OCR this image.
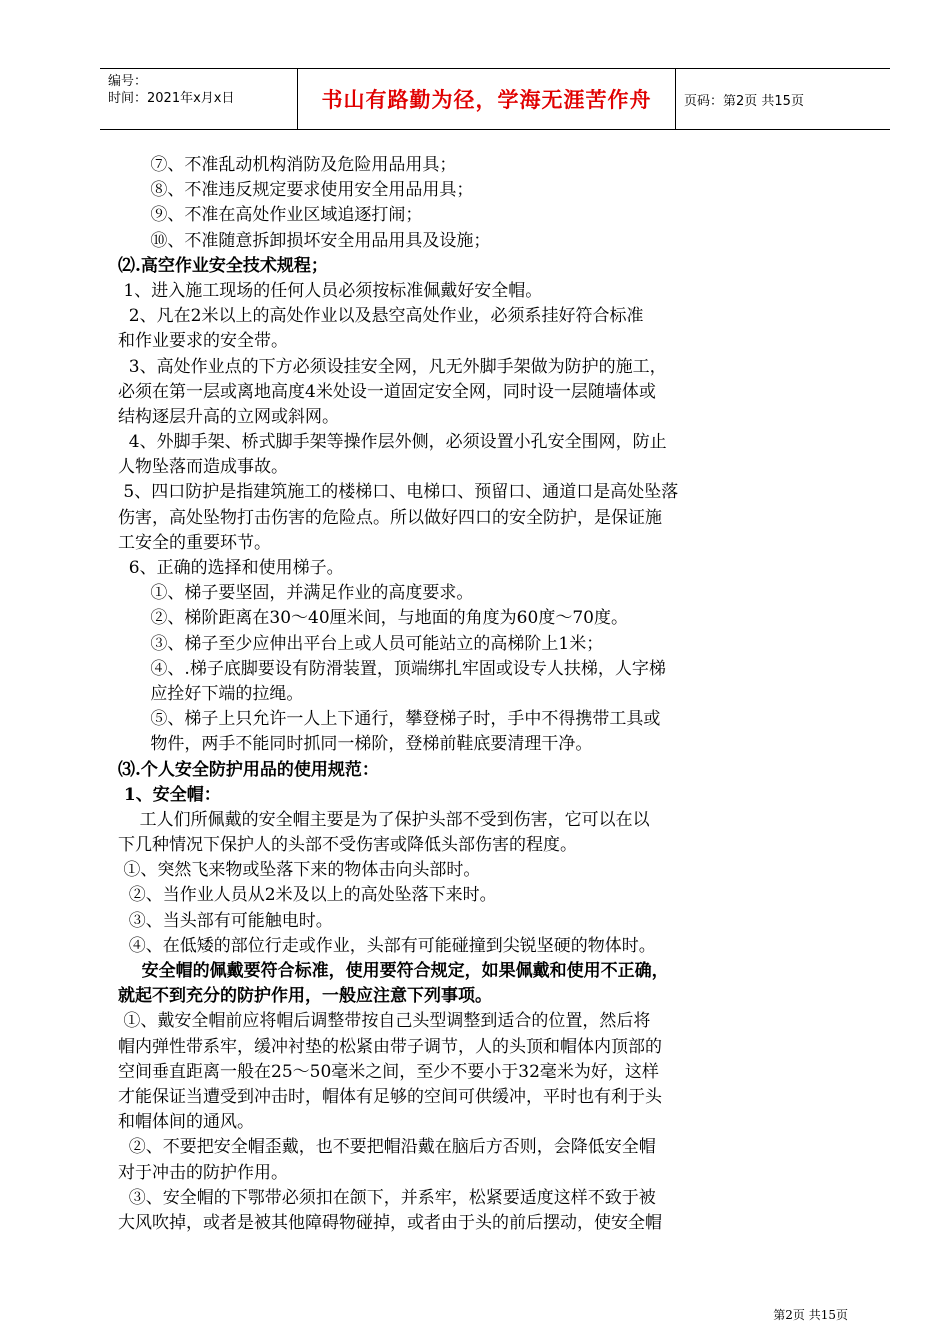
编号：
时间：2021年x月x日	书山有路勤为径，学海无涯苦作舟	页码：第2页 共15页
⑦、不准乱动机构消防及危险用品用具；
⑧、不准违反规定要求使用安全用品用具；
⑨、不准在高处作业区域追逐打闹；
⑩、不准随意拆卸损坏安全用品用具及设施；
⑵.高空作业安全技术规程；
1、进入施工现场的任何人员必须按标准佩戴好安全帽。
2、凡在2米以上的高处作业以及悬空高处作业，必须系挂好符合标准
和作业要求的安全带。
3、高处作业点的下方必须设挂安全网，凡无外脚手架做为防护的施工，
必须在第一层或离地高度4米处设一道固定安全网，同时设一层随墙体或
结构逐层升高的立网或斜网。
4、外脚手架、桥式脚手架等操作层外侧，必须设置小孔安全围网，防止
人物坠落而造成事故。
5、四口防护是指建筑施工的楼梯口、电梯口、预留口、通道口是高处坠落
伤害，高处坠物打击伤害的危险点。所以做好四口的安全防护，是保证施
工安全的重要环节。
6、正确的选择和使用梯子。
①、梯子要坚固，并满足作业的高度要求。
②、梯阶距离在30～40厘米间，与地面的角度为60度～70度。
③、梯子至少应伸出平台上或人员可能站立的高梯阶上1米；
④、.梯子底脚要设有防滑装置，顶端绑扎牢固或设专人扶梯，人字梯
应拴好下端的拉绳。
⑤、梯子上只允许一人上下通行，攀登梯子时，手中不得携带工具或
物件，两手不能同时抓同一梯阶，登梯前鞋底要清理干净。
⑶.个人安全防护用品的使用规范：
1、安全帽：
工人们所佩戴的安全帽主要是为了保护头部不受到伤害，它可以在以
下几种情况下保护人的头部不受伤害或降低头部伤害的程度。
①、突然飞来物或坠落下来的物体击向头部时。
②、当作业人员从2米及以上的高处坠落下来时。
③、当头部有可能触电时。
④、在低矮的部位行走或作业，头部有可能碰撞到尖锐坚硬的物体时。
安全帽的佩戴要符合标准，使用要符合规定，如果佩戴和使用不正确，
就起不到充分的防护作用，一般应注意下列事项。
①、戴安全帽前应将帽后调整带按自己头型调整到适合的位置，然后将
帽内弹性带系牢，缓冲衬垫的松紧由带子调节，人的头顶和帽体内顶部的
空间垂直距离一般在25～50毫米之间，至少不要小于32毫米为好，这样
才能保证当遭受到冲击时，帽体有足够的空间可供缓冲，平时也有利于头
和帽体间的通风。
②、不要把安全帽歪戴，也不要把帽沿戴在脑后方否则，会降低安全帽
对于冲击的防护作用。
③、安全帽的下鄂带必须扣在颌下，并系牢，松紧要适度这样不致于被
大风吹掉，或者是被其他障碍物碰掉，或者由于头的前后摆动，使安全帽
第2页 共15页
